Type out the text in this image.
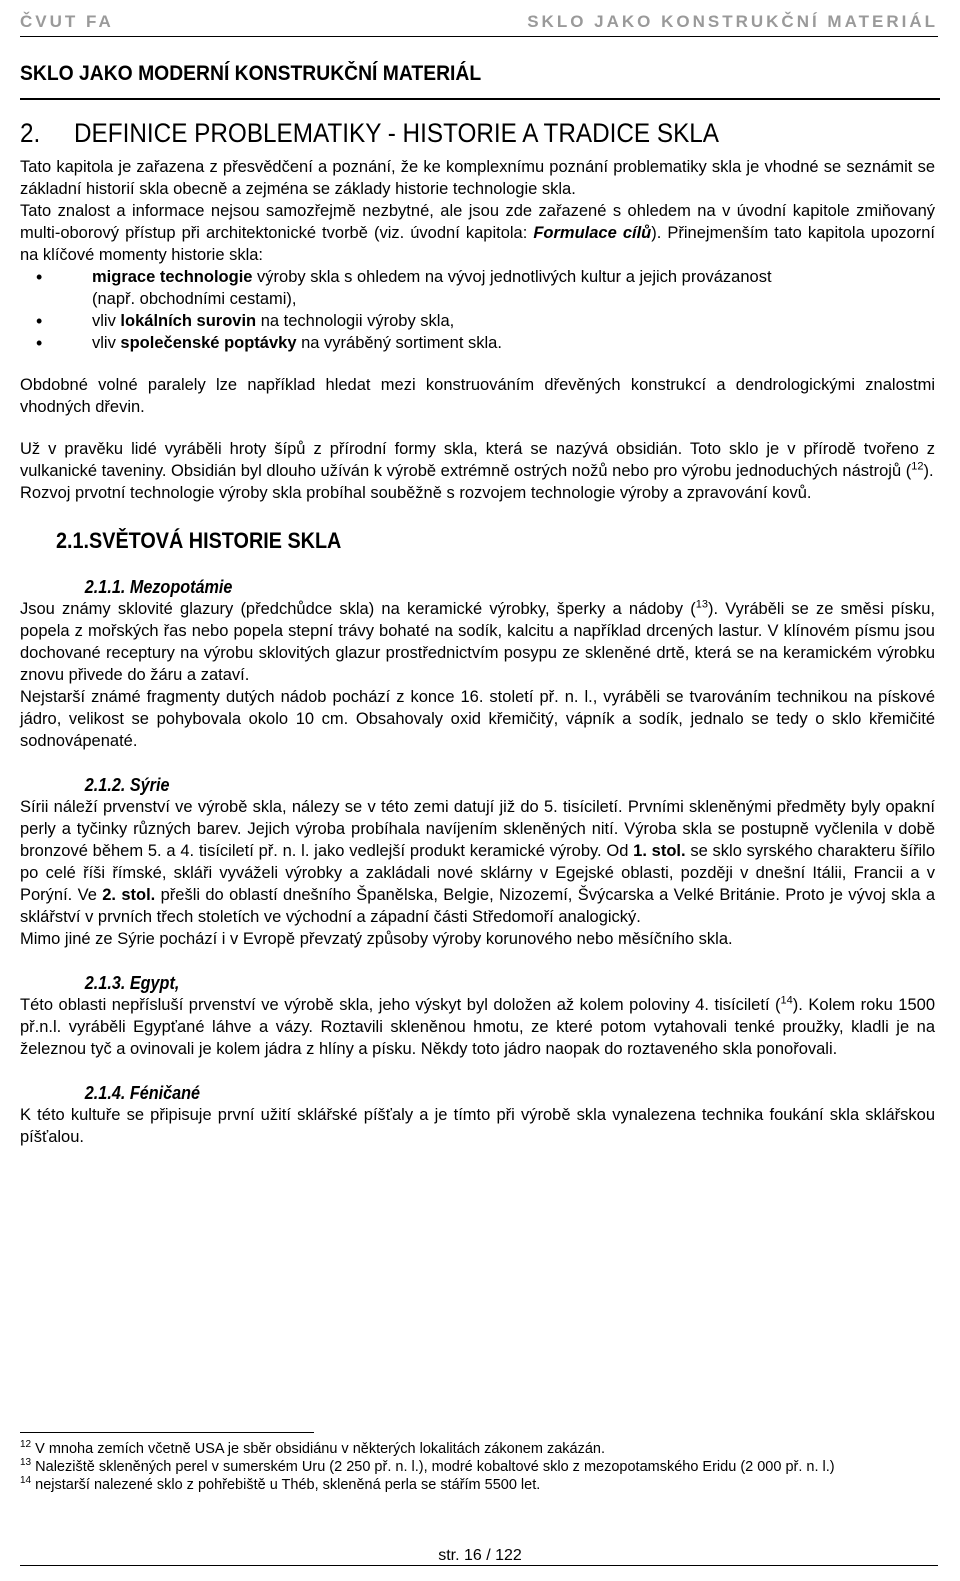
ČVUT FA	SKLO JAKO KONSTRUKČNÍ MATERIÁL
SKLO JAKO MODERNÍ KONSTRUKČNÍ MATERIÁL
2. DEFINICE PROBLEMATIKY - HISTORIE A TRADICE SKLA

Tato kapitola je zařazena z přesvědčení a poznání, že ke komplexnímu poznání problematiky skla je vhodné se seznámit se základní historií skla obecně a zejména se základy historie technologie skla.

Tato znalost a informace nejsou samozřejmě nezbytné, ale jsou zde zařazené s ohledem na v úvodní kapitole zmiňovaný multi-oborový přístup při architektonické tvorbě (viz. úvodní kapitola: Formulace cílů). Přinejmenším tato kapitola upozorní na klíčové momenty historie skla:

• migrace technologie výroby skla s ohledem na vývoj jednotlivých kultur a jejich provázanost
(např. obchodními cestami),
• vliv lokálních surovin na technologii výroby skla,
• vliv společenské poptávky na vyráběný sortiment skla.

Obdobné volné paralely lze například hledat mezi konstruováním dřevěných konstrukcí a dendrologickými znalostmi vhodných dřevin.

Už v pravěku lidé vyráběli hroty šípů z přírodní formy skla, která se nazývá obsidián. Toto sklo je v přírodě tvořeno z vulkanické taveniny. Obsidián byl dlouho užíván k výrobě extrémně ostrých nožů nebo pro výrobu jednoduchých nástrojů ($^{12}$).

Rozvoj prvotní technologie výroby skla probíhal souběžně s rozvojem technologie výroby a zpravování kovů.

2.1.SVĚTOVÁ HISTORIE SKLA
2.1.1. Mezopotámie

Jsou známy sklovité glazury (předchůdce skla) na keramické výrobky, šperky a nádoby ($^{13}$). Vyráběli se ze směsi písku, popela z mořských řas nebo popela stepní trávy bohaté na sodík, kalcitu a například drcených lastur. V klínovém písmu jsou dochované receptury na výrobu sklovitých glazur prostřednictvím posypu ze skleněné drtě, která se na keramickém výrobku znovu přivede do žáru a zataví.

Nejstarší známé fragmenty dutých nádob pochází z konce 16. století př. n. l., vyráběli se tvarováním technikou na pískové jádro, velikost se pohybovala okolo 10 cm. Obsahovaly oxid křemičitý, vápník a sodík, jednalo se tedy o sklo křemičité sodnovápenaté.

2.1.2. Sýrie

Sírii náleží prvenství ve výrobě skla, nálezy se v této zemi datují již do 5. tisíciletí. Prvními skleněnými předměty byly opakní perly a tyčinky různých barev. Jejich výroba probíhala navíjením skleněných nití. Výroba skla se postupně vyčlenila v době bronzové během 5. a 4. tisíciletí př. n. l. jako vedlejší produkt keramické výroby. Od 1. stol. se sklo syrského charakteru šířilo po celé říši římské, skláři vyváželi výrobky a zakládali nové sklárny v Egejské oblasti, později v dnešní Itálii, Francii a v Porýní. Ve 2. stol. přešli do oblastí dnešního Španělska, Belgie, Nizozemí, Švýcarska a Velké Británie. Proto je vývoj skla a sklářství v prvních třech stoletích ve východní a západní části Středomoří analogický.

Mimo jiné ze Sýrie pochází i v Evropě převzatý způsoby výroby korunového nebo měsíčního skla.

2.1.3. Egypt,

Této oblasti nepřísluší prvenství ve výrobě skla, jeho výskyt byl doložen až kolem poloviny 4. tisíciletí ($^{14}$). Kolem roku 1500 př.n.l. vyráběli Egypťané láhve a vázy. Roztavili skleněnou hmotu, ze které potom vytahovali tenké proužky, kladli je na železnou tyč a ovinovali je kolem jádra z hlíny a písku. Někdy toto jádro naopak do roztaveného skla ponořovali.

2.1.4. Féničané

K této kultuře se připisuje první užití sklářské píšťaly a je tímto při výrobě skla vynalezena technika foukání skla sklářskou píšťalou.

$^{12}$ V mnoha zemích včetně USA je sběr obsidiánu v některých lokalitách zákonem zakázán.

$^{13}$ Naleziště skleněných perel v sumerském Uru (2 250 př. n. l.), modré kobaltové sklo z mezopotamského Eridu (2 000 př. n. l.)

$^{14}$ nejstarší nalezené sklo z pohřebiště u Théb, skleněná perla se stářím 5500 let.

str. 16 / 122
